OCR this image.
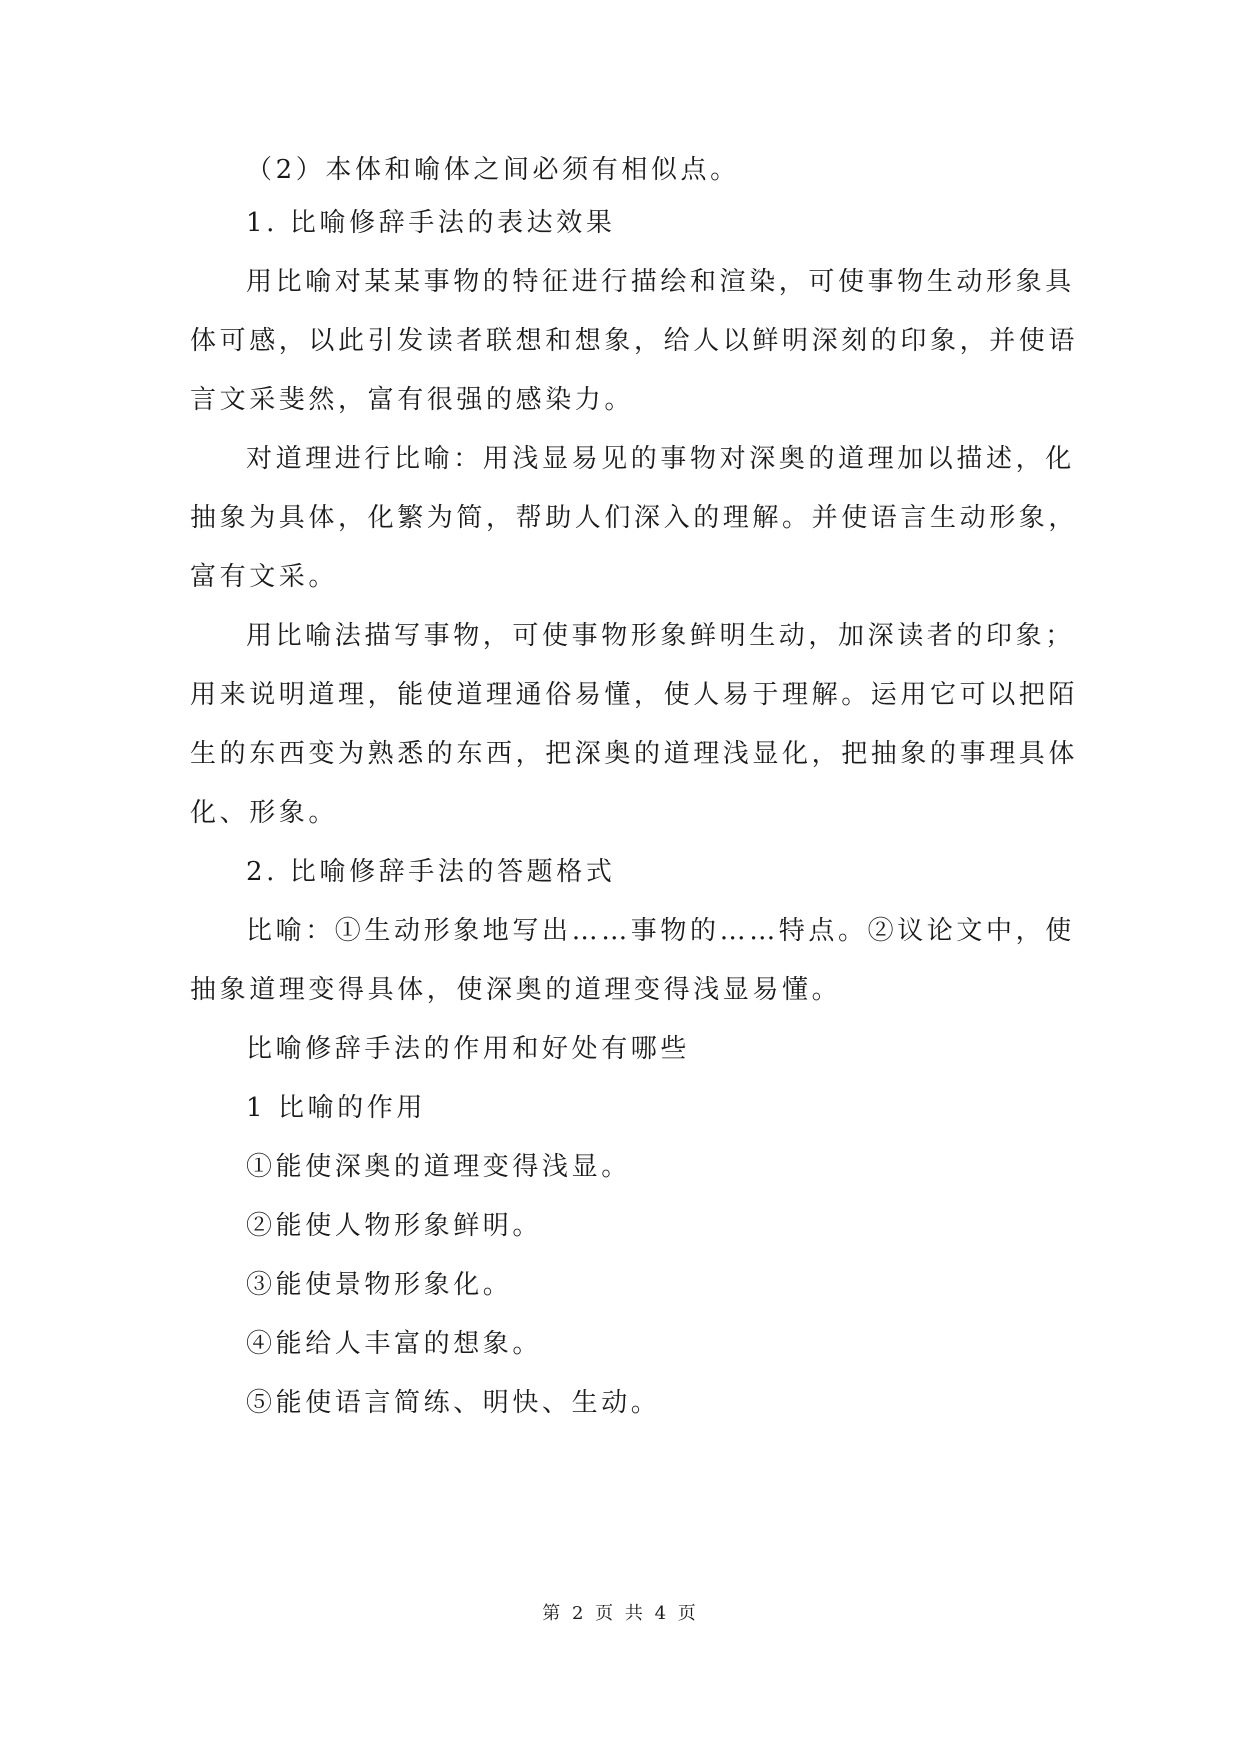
（2）本体和喻体之间必须有相似点。
1. 比喻修辞手法的表达效果
用比喻对某某事物的特征进行描绘和渲染，可使事物生动形象具
体可感，以此引发读者联想和想象，给人以鲜明深刻的印象，并使语
言文采斐然，富有很强的感染力。
对道理进行比喻：用浅显易见的事物对深奥的道理加以描述，化
抽象为具体，化繁为简，帮助人们深入的理解。并使语言生动形象，
富有文采。
用比喻法描写事物，可使事物形象鲜明生动，加深读者的印象；
用来说明道理，能使道理通俗易懂，使人易于理解。运用它可以把陌
生的东西变为熟悉的东西，把深奥的道理浅显化，把抽象的事理具体
化、形象。
2. 比喻修辞手法的答题格式
比喻：①生动形象地写出……事物的……特点。②议论文中，使
抽象道理变得具体，使深奥的道理变得浅显易懂。
比喻修辞手法的作用和好处有哪些
1 比喻的作用
①能使深奥的道理变得浅显。
②能使人物形象鲜明。
③能使景物形象化。
④能给人丰富的想象。
⑤能使语言简练、明快、生动。
第 2 页 共 4 页
